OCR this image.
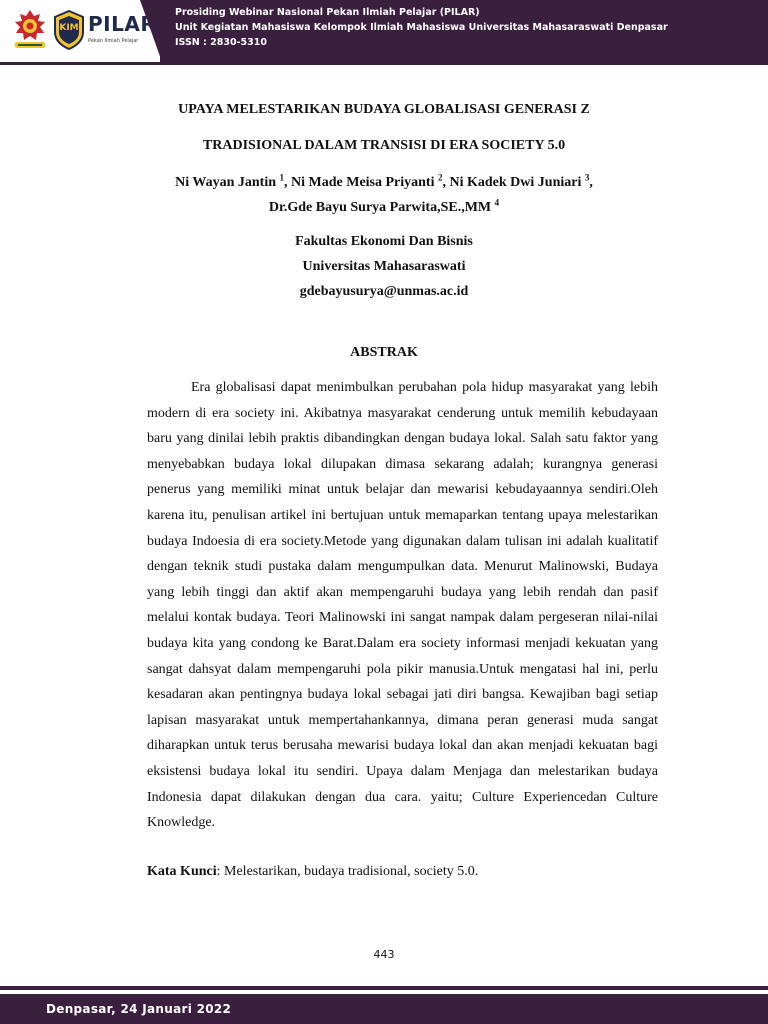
KIM PILAR
Pekan Ilmiah Pelajar
Prosiding Webinar Nasional Pekan Ilmiah Pelajar (PILAR)
Unit Kegiatan Mahasiswa Kelompok Ilmiah Mahasiswa Universitas Mahasaraswati Denpasar
ISSN : 2830-5310
UPAYA MELESTARIKAN BUDAYA GLOBALISASI GENERASI Z
TRADISIONAL DALAM TRANSISI DI ERA SOCIETY 5.0
Ni Wayan Jantin $^1$, Ni Made Meisa Priyanti $^2$, Ni Kadek Dwi Juniari $^3$,
Dr.Gde Bayu Surya Parwita,SE.,MM $^4$
Fakultas Ekonomi Dan Bisnis
Universitas Mahasaraswati
gdebayusurya@unmas.ac.id
ABSTRAK

Era globalisasi dapat menimbulkan perubahan pola hidup masyarakat yang lebih modern di era society ini. Akibatnya masyarakat cenderung untuk memilih kebudayaan baru yang dinilai lebih praktis dibandingkan dengan budaya lokal. Salah satu faktor yang menyebabkan budaya lokal dilupakan dimasa sekarang adalah; kurangnya generasi penerus yang memiliki minat untuk belajar dan mewarisi kebudayaannya sendiri.Oleh karena itu, penulisan artikel ini bertujuan untuk memaparkan tentang upaya melestarikan budaya Indoesia di era society.Metode yang digunakan dalam tulisan ini adalah kualitatif dengan teknik studi pustaka dalam mengumpulkan data. Menurut Malinowski, Budaya yang lebih tinggi dan aktif akan mempengaruhi budaya yang lebih rendah dan pasif melalui kontak budaya. Teori Malinowski ini sangat nampak dalam pergeseran nilai-nilai budaya kita yang condong ke Barat.Dalam era society informasi menjadi kekuatan yang sangat dahsyat dalam mempengaruhi pola pikir manusia.Untuk mengatasi hal ini, perlu kesadaran akan pentingnya budaya lokal sebagai jati diri bangsa. Kewajiban bagi setiap lapisan masyarakat untuk mempertahankannya, dimana peran generasi muda sangat diharapkan untuk terus berusaha mewarisi budaya lokal dan akan menjadi kekuatan bagi eksistensi budaya lokal itu sendiri. Upaya dalam Menjaga dan melestarikan budaya Indonesia dapat dilakukan dengan dua cara. yaitu; Culture Experiencedan Culture Knowledge.

Kata Kunci: Melestarikan, budaya tradisional, society 5.0.
443
Denpasar, 24 Januari 2022
